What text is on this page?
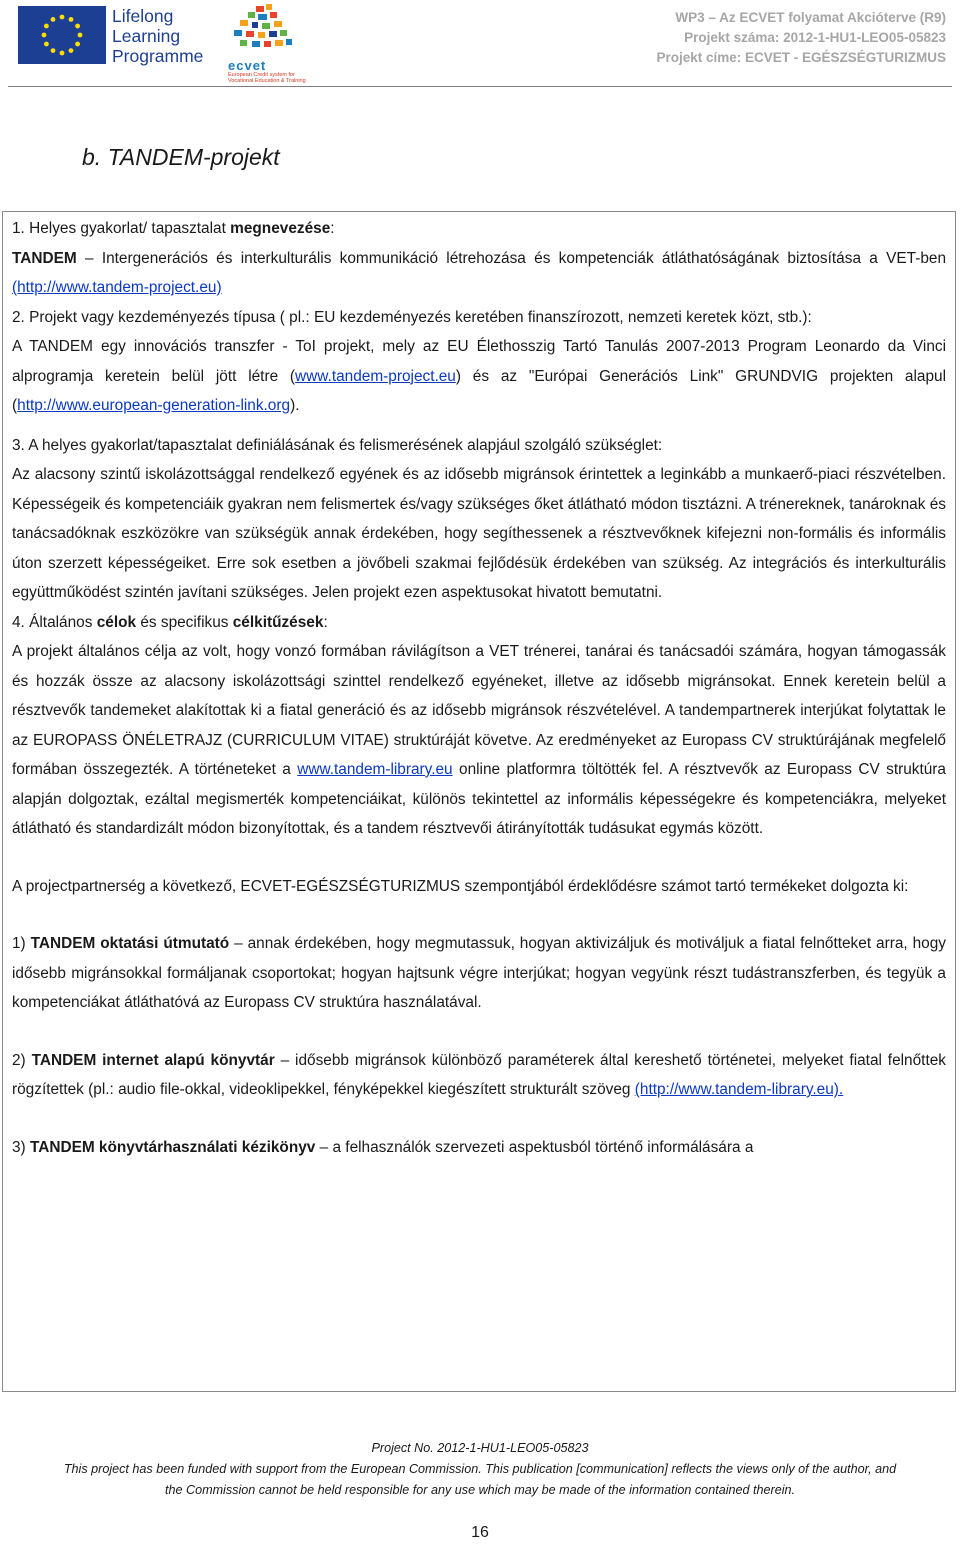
Lifelong
Learning
Programme ecvet
European Credit system for Vocational Education & Training
WP3 – Az ECVET folyamat Akcióterve (R9)
Projekt száma: 2012-1-HU1-LEO05-05823
Projekt címe: ECVET - EGÉSZSÉGTURIZMUS
b. TANDEM-projekt

1. Helyes gyakorlat/ tapasztalat megnevezése:

TANDEM – Intergenerációs és interkulturális kommunikáció létrehozása és kompetenciák átláthatóságának biztosítása a VET-ben (http://www.tandem-project.eu)

2. Projekt vagy kezdeményezés típusa ( pl.: EU kezdeményezés keretében finanszírozott, nemzeti keretek közt, stb.):

A TANDEM egy innovációs transzfer - ToI projekt, mely az EU Élethosszig Tartó Tanulás 2007-2013 Program Leonardo da Vinci alprogramja keretein belül jött létre (www.tandem-project.eu) és az "Európai Generációs Link" GRUNDVIG projekten alapul (http://www.european-generation-link.org).

3. A helyes gyakorlat/tapasztalat definiálásának és felismerésének alapjául szolgáló szükséglet:

Az alacsony szintű iskolázottsággal rendelkező egyének és az idősebb migránsok érintettek a leginkább a munkaerő-piaci részvételben. Képességeik és kompetenciáik gyakran nem felismertek és/vagy szükséges őket átlátható módon tisztázni. A trénereknek, tanároknak és tanácsadóknak eszközökre van szükségük annak érdekében, hogy segíthessenek a résztvevőknek kifejezni non-formális és informális úton szerzett képességeiket. Erre sok esetben a jövőbeli szakmai fejlődésük érdekében van szükség. Az integrációs és interkulturális együttműködést szintén javítani szükséges. Jelen projekt ezen aspektusokat hivatott bemutatni.

4. Általános célok és specifikus célkitűzések:

A projekt általános célja az volt, hogy vonzó formában rávilágítson a VET trénerei, tanárai és tanácsadói számára, hogyan támogassák és hozzák össze az alacsony iskolázottsági szinttel rendelkező egyéneket, illetve az idősebb migránsokat. Ennek keretein belül a résztvevők tandemeket alakítottak ki a fiatal generáció és az idősebb migránsok részvételével. A tandempartnerek interjúkat folytattak le az EUROPASS ÖNÉLETRAJZ (CURRICULUM VITAE) struktúráját követve. Az eredményeket az Europass CV struktúrájának megfelelő formában összegezték. A történeteket a www.tandem-library.eu online platformra töltötték fel. A résztvevők az Europass CV struktúra alapján dolgoztak, ezáltal megismerték kompetenciáikat, különös tekintettel az informális képességekre és kompetenciákra, melyeket átlátható és standardizált módon bizonyítottak, és a tandem résztvevői átirányították tudásukat egymás között.

A projectpartnerség a következő, ECVET-EGÉSZSÉGTURIZMUS szempontjából érdeklődésre számot tartó termékeket dolgozta ki:

1) TANDEM oktatási útmutató – annak érdekében, hogy megmutassuk, hogyan aktivizáljuk és motiváljuk a fiatal felnőtteket arra, hogy idősebb migránsokkal formáljanak csoportokat; hogyan hajtsunk végre interjúkat; hogyan vegyünk részt tudástranszferben, és tegyük a kompetenciákat átláthatóvá az Europass CV struktúra használatával.

2) TANDEM internet alapú könyvtár – idősebb migránsok különböző paraméterek által kereshető történetei, melyeket fiatal felnőttek rögzítettek (pl.: audio file-okkal, videoklipekkel, fényképekkel kiegészített strukturált szöveg (http://www.tandem-library.eu).

3) TANDEM könyvtárhasználati kézikönyv – a felhasználók szervezeti aspektusból történő informálására a

Project No. 2012-1-HU1-LEO05-05823
This project has been funded with support from the European Commission. This publication [communication] reflects the views only of the author, and
the Commission cannot be held responsible for any use which may be made of the information contained therein.
16
